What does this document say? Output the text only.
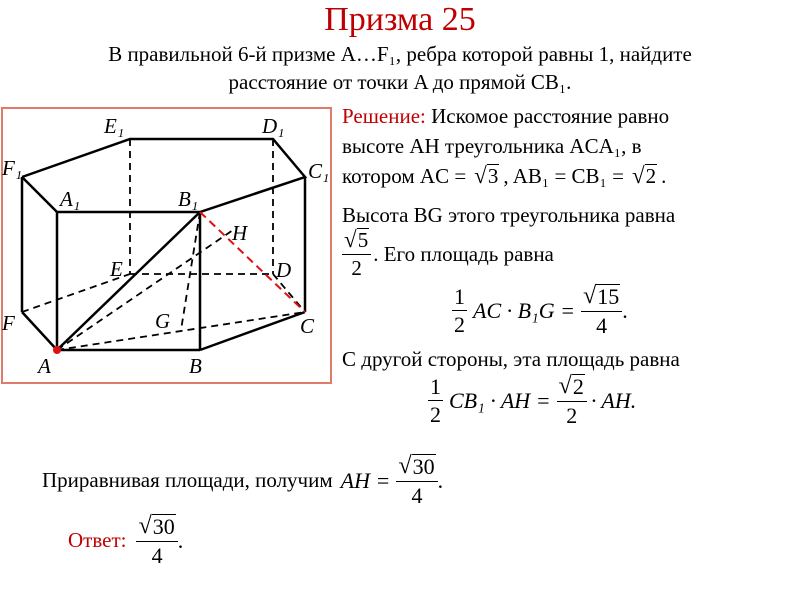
Призма 25
В правильной 6-й призме A…F₁, ребра которой равны 1, найдите
расстояние от точки A до прямой CB₁.
F₁
E₁	D₁
C₁
A₁	B₁
H
E	D
F	G	C
A	B
Решение: Искомое расстояние равно
высоте AH треугольника ACA₁, в
котором AC = √ 3 , AB₁ = CB₁ = √ 2 .
Высота BG этого треугольника равна
$\frac{√ 5}{2}$ . Его площадь равна
$\frac{1}{2}$ AC · $B_1G = \frac{√ 15}{4}$ .
С другой стороны, эта площадь равна
$\frac{1}{2} CB_1$ · AH = $\frac{√ 2}{2}$ · AH.
Приравнивая площади, получим AH = $\frac{√ 30}{4}$ .
Ответ: $\frac{√ 30}{4}$ .
